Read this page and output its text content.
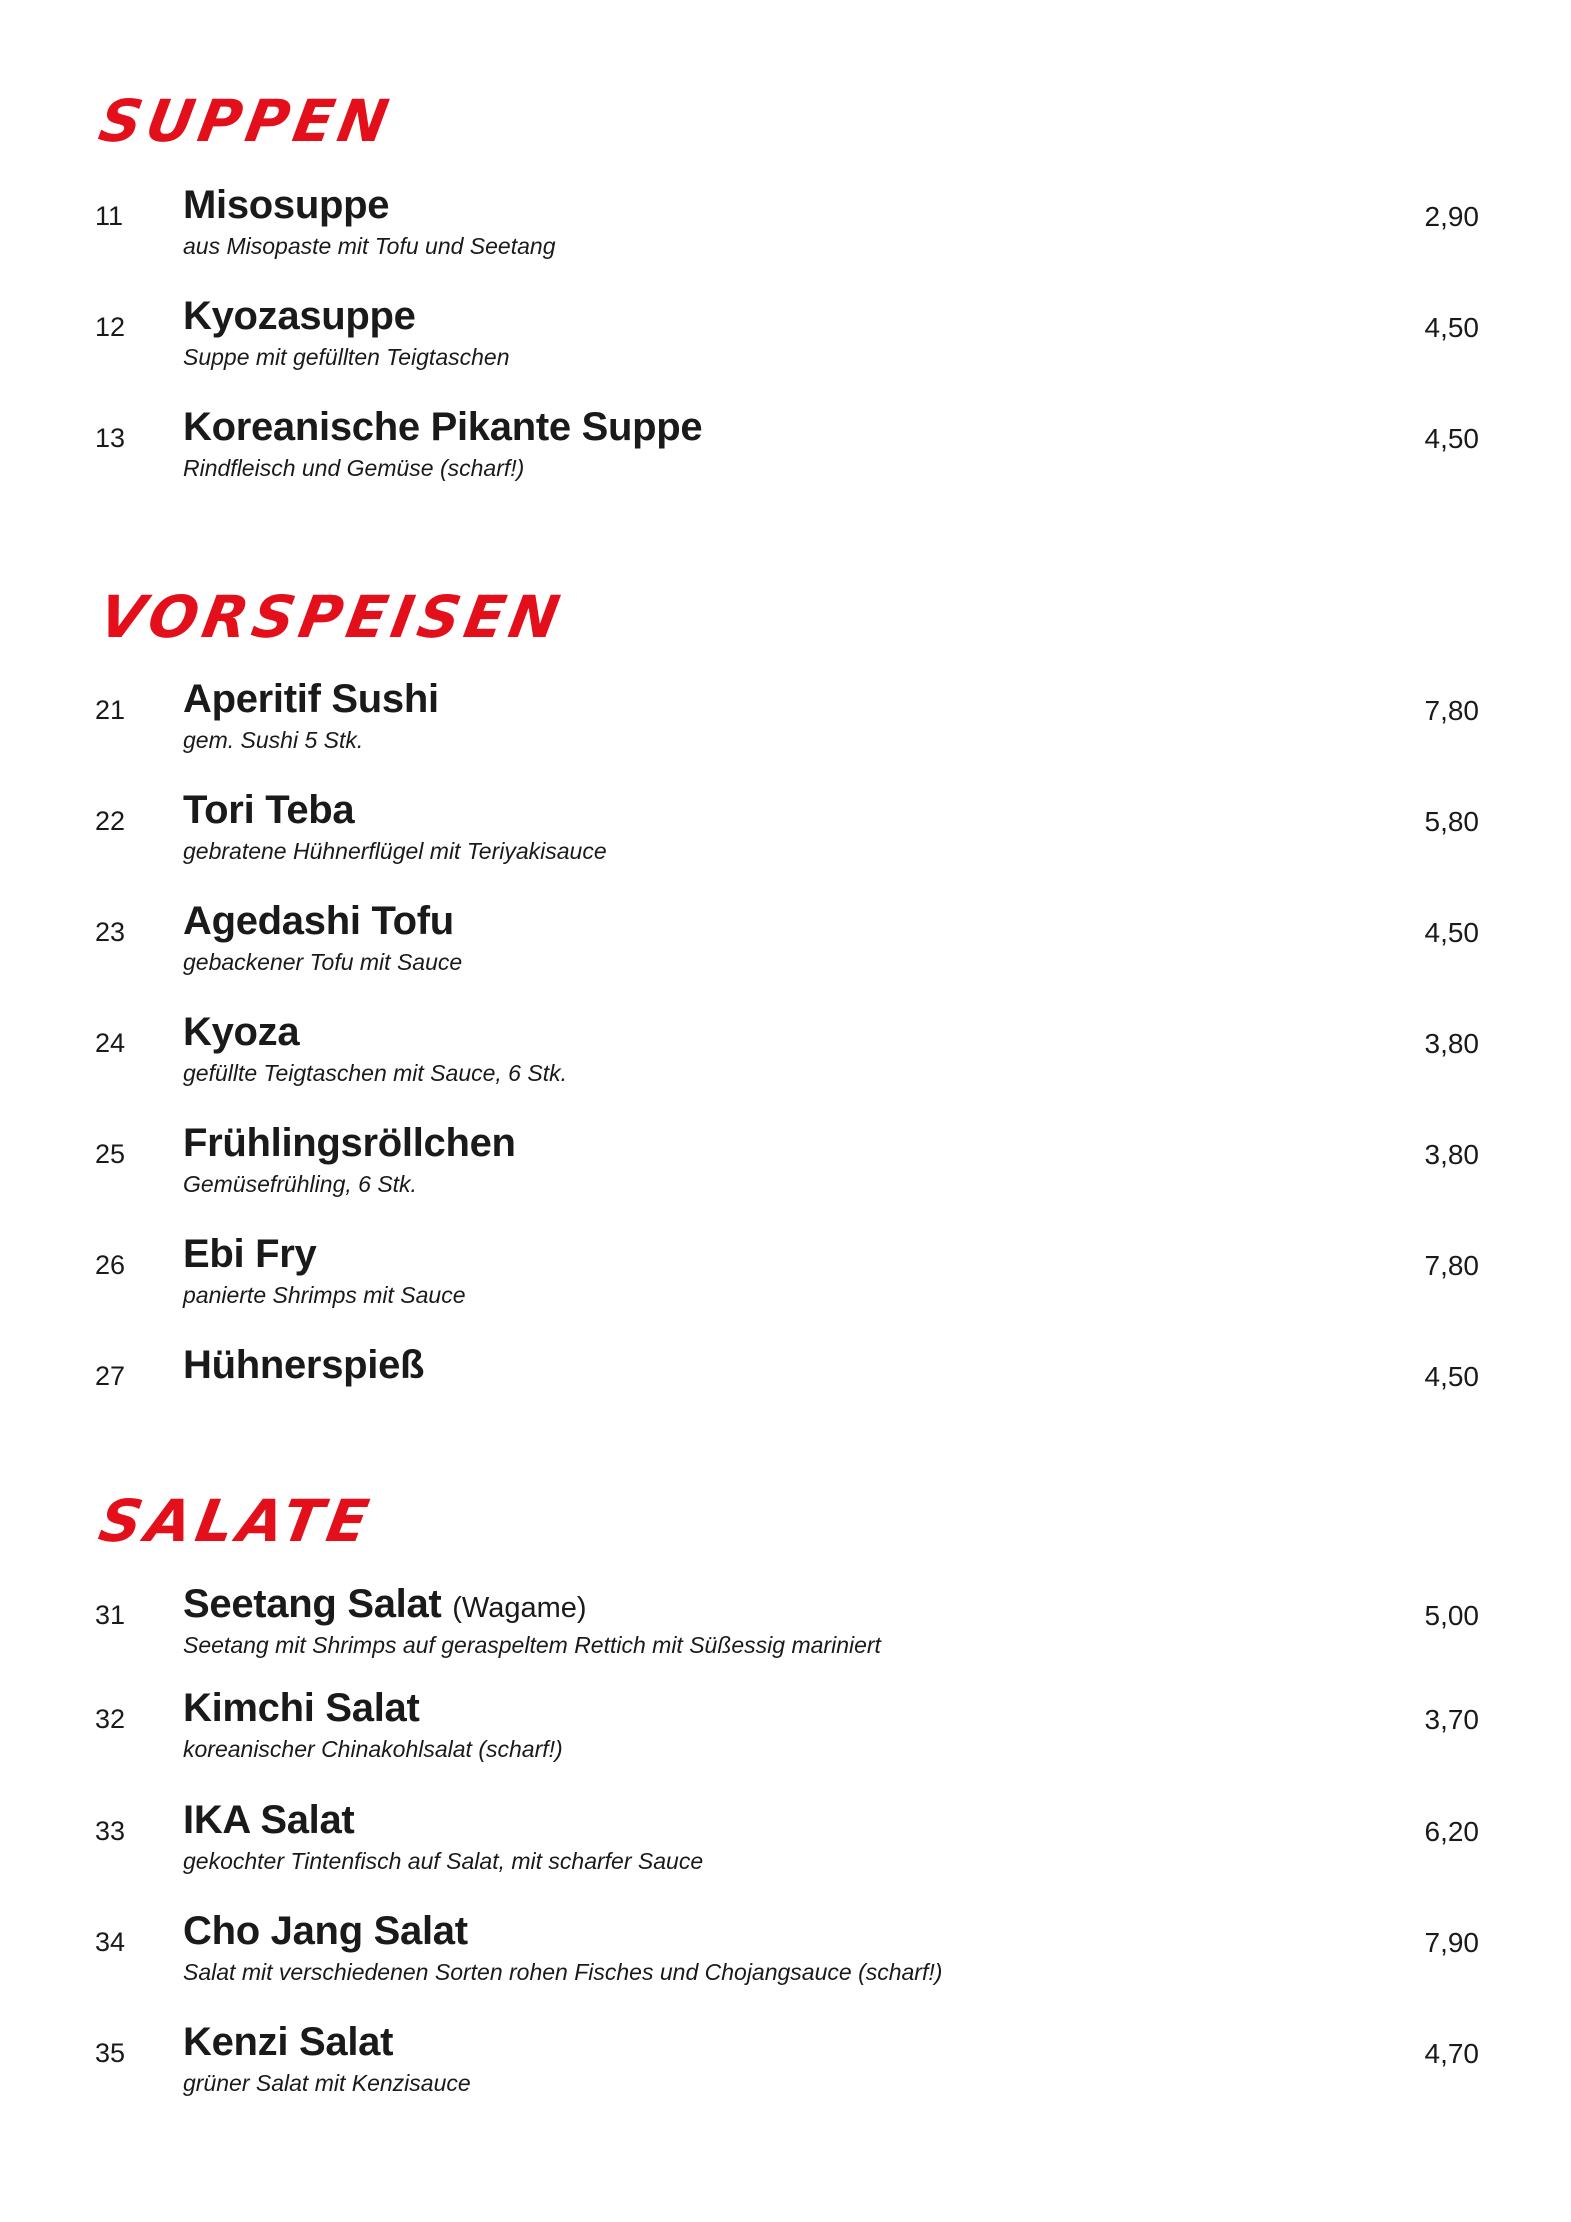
SUPPEN
11 Misosuppe
aus Misopaste mit Tofu und Seetang
2,90
12 Kyozasuppe
Suppe mit gefüllten Teigtaschen
4,50
13 Koreanische Pikante Suppe
Rindfleisch und Gemüse (scharf!)
4,50
VORSPEISEN
21 Aperitif Sushi
gem. Sushi 5 Stk.
7,80
22 Tori Teba
gebratene Hühnerflügel mit Teriyakisauce
5,80
23 Agedashi Tofu
gebackener Tofu mit Sauce
4,50
24 Kyoza
gefüllte Teigtaschen mit Sauce, 6 Stk.
3,80
25 Frühlingsröllchen
Gemüsefrühling, 6 Stk.
3,80
26 Ebi Fry
panierte Shrimps mit Sauce
7,80
27 Hühnerspieß	4,50
SALATE
31 Seetang Salat (Wagame)
Seetang mit Shrimps auf geraspeltem Rettich mit Süßessig mariniert
5,00
32 Kimchi Salat
koreanischer Chinakohlsalat (scharf!)
3,70
33 IKA Salat
gekochter Tintenfisch auf Salat, mit scharfer Sauce
6,20
34 Cho Jang Salat
Salat mit verschiedenen Sorten rohen Fisches und Chojangsauce (scharf!)
7,90
35 Kenzi Salat
grüner Salat mit Kenzisauce
4,70
